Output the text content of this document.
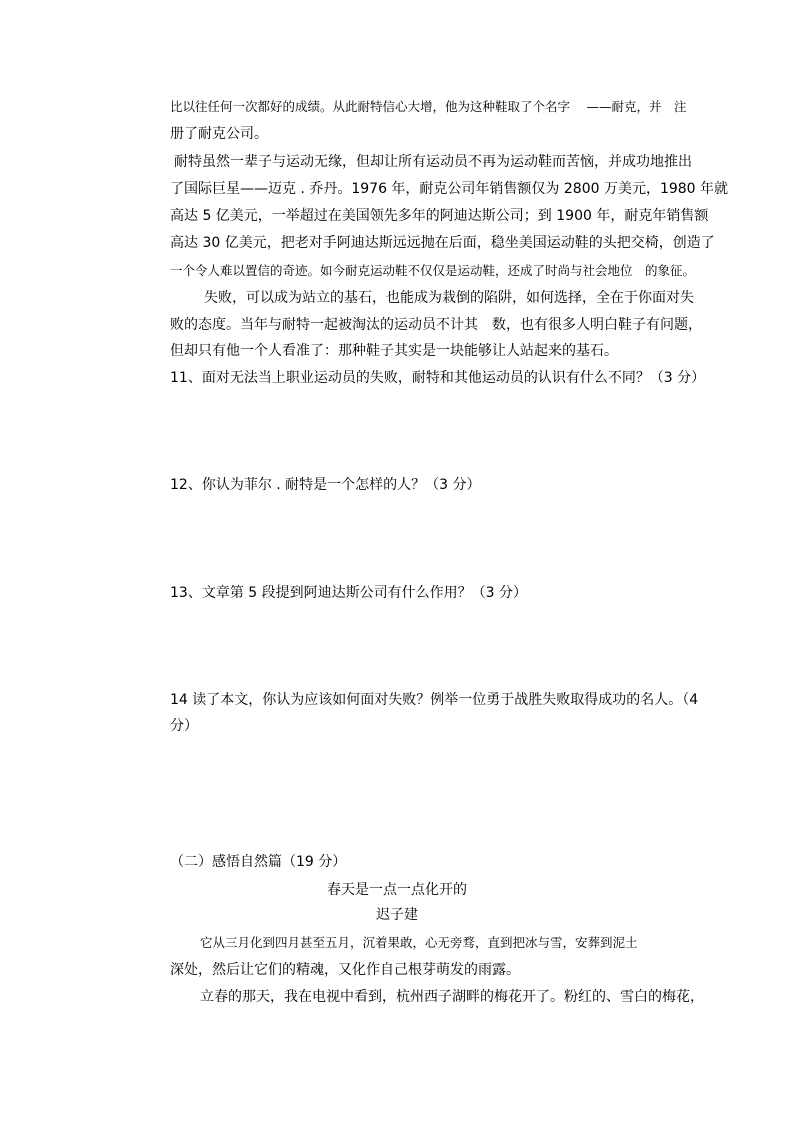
比以往任何一次都好的成绩。从此耐特信心大增，他为这种鞋取了个名字　 ——耐克，并　注
册了耐克公司。
耐特虽然一辈子与运动无缘，但却让所有运动员不再为运动鞋而苦恼，并成功地推出
了国际巨星——迈克 . 乔丹。1976 年，耐克公司年销售额仅为 2800 万美元，1980 年就
高达 5 亿美元，一举超过在美国领先多年的阿迪达斯公司；到 1900 年，耐克年销售额
高达 30 亿美元，把老对手阿迪达斯远远抛在后面，稳坐美国运动鞋的头把交椅，创造了
一个令人难以置信的奇迹。如今耐克运动鞋不仅仅是运动鞋，还成了时尚与社会地位　的象征。
失败，可以成为站立的基石，也能成为栽倒的陷阱，如何选择，全在于你面对失
败的态度。当年与耐特一起被淘汰的运动员不计其　数，也有很多人明白鞋子有问题，
但却只有他一个人看准了：那种鞋子其实是一块能够让人站起来的基石。
11、面对无法当上职业运动员的失败，耐特和其他运动员的认识有什么不同？（3 分）
12、你认为菲尔 . 耐特是一个怎样的人？（3 分）
13、文章第 5 段提到阿迪达斯公司有什么作用？（3 分）
14 读了本文，你认为应该如何面对失败？例举一位勇于战胜失败取得成功的名人。（4
分）
（二）感悟自然篇（19 分）
春天是一点一点化开的
迟子建
它从三月化到四月甚至五月，沉着果敢，心无旁骛，直到把冰与雪，安葬到泥土
深处，然后让它们的精魂，又化作自己根芽萌发的雨露。
立春的那天，我在电视中看到，杭州西子湖畔的梅花开了。粉红的、雪白的梅花，
